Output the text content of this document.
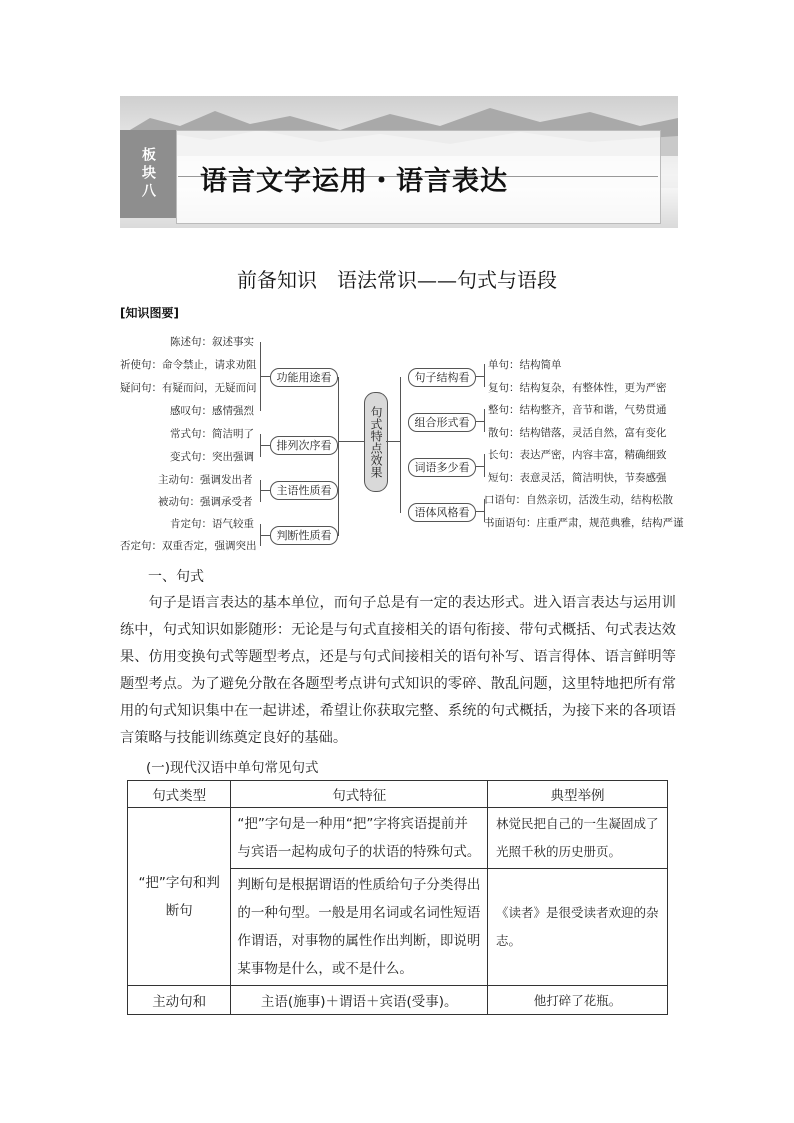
板块八	语言文字运用・语言表达
前备知识　语法常识——句式与语段
[知识图要]
陈述句：叙述事实
祈使句：命令禁止，请求劝阻
疑问句：有疑而问，无疑而问
感叹句：感情强烈
常式句：简洁明了
变式句：突出强调
主动句：强调发出者
被动句：强调承受者
肯定句：语气较重
否定句：双重否定，强调突出
功能用途看
排列次序看
主语性质看
判断性质看
句式特点效果
句子结构看
组合形式看
词语多少看
语体风格看
单句：结构简单
复句：结构复杂，有整体性，更为严密
整句：结构整齐，音节和谐，气势贯通
散句：结构错落，灵活自然，富有变化
长句：表达严密，内容丰富，精确细致
短句：表意灵活，简洁明快，节奏感强
口语句：自然亲切，活泼生动，结构松散
书面语句：庄重严肃，规范典雅，结构严谨
一、句式

句子是语言表达的基本单位，而句子总是有一定的表达形式。进入语言表达与运用训练中，句式知识如影随形：无论是与句式直接相关的语句衔接、带句式概括、句式表达效果、仿用变换句式等题型考点，还是与句式间接相关的语句补写、语言得体、语言鲜明等题型考点。为了避免分散在各题型考点讲句式知识的零碎、散乱问题，这里特地把所有常用的句式知识集中在一起讲述，希望让你获取完整、系统的句式概括，为接下来的各项语言策略与技能训练奠定良好的基础。

(一)现代汉语中单句常见句式
句式类型	句式特征	典型举例
“把”字句和判断句	“把”字句是一种用“把”字将宾语提前并与宾语一起构成句子的状语的特殊句式。	林觉民把自己的一生凝固成了光照千秋的历史册页。
	判断句是根据谓语的性质给句子分类得出的一种句型。一般是用名词或名词性短语作谓语，对事物的属性作出判断，即说明某事物是什么，或不是什么。	《读者》是很受读者欢迎的杂志。
主动句和	主语(施事)＋谓语＋宾语(受事)。	他打碎了花瓶。
